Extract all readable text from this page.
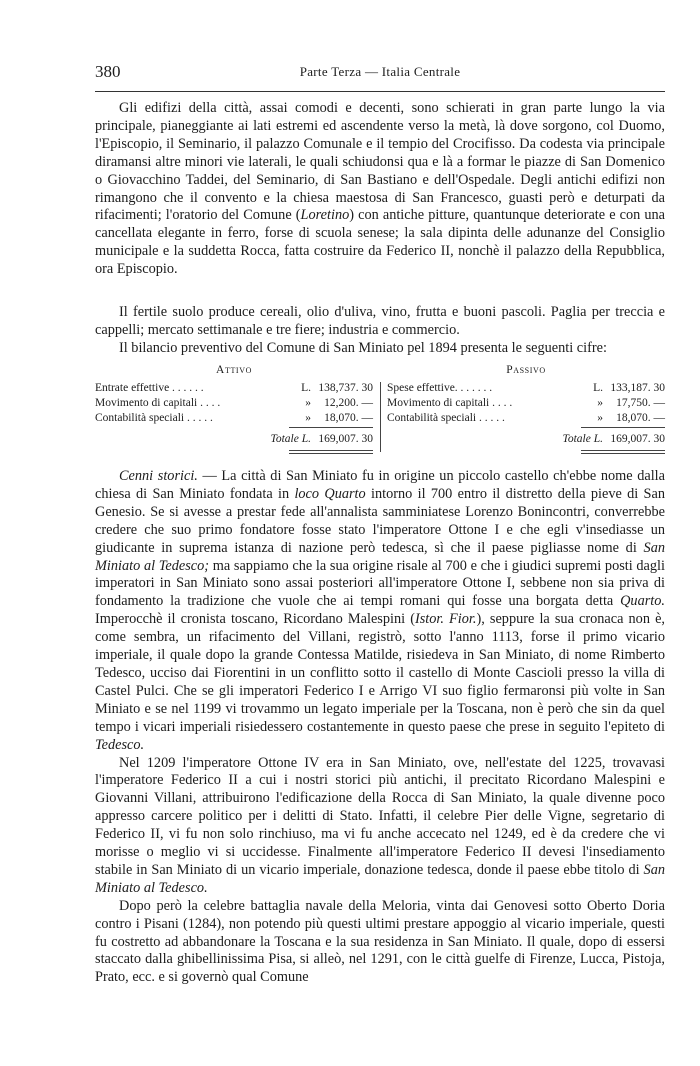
380	Parte Terza — Italia Centrale
Gli edifizi della città, assai comodi e decenti, sono schierati in gran parte lungo la via principale, pianeggiante ai lati estremi ed ascendente verso la metà, là dove sorgono, col Duomo, l'Episcopio, il Seminario, il palazzo Comunale e il tempio del Crocifisso. Da codesta via principale diramansi altre minori vie laterali, le quali schiudonsi qua e là a formar le piazze di San Domenico o Giovacchino Taddei, del Seminario, di San Bastiano e dell'Ospedale. Degli antichi edifizi non rimangono che il convento e la chiesa maestosa di San Francesco, guasti però e deturpati da rifacimenti; l'oratorio del Comune (Loretino) con antiche pitture, quantunque deteriorate e con una cancellata elegante in ferro, forse di scuola senese; la sala dipinta delle adunanze del Consiglio municipale e la suddetta Rocca, fatta costruire da Federico II, nonchè il palazzo della Repubblica, ora Episcopio.
Il fertile suolo produce cereali, olio d'uliva, vino, frutta e buoni pascoli. Paglia per treccia e cappelli; mercato settimanale e tre fiere; industria e commercio.
Il bilancio preventivo del Comune di San Miniato pel 1894 presenta le seguenti cifre:
Attivo
Entrate effettive . . . . . .	L. 138,737. 30
Movimento di capitali . . . .	» 12,200. —
Contabilità speciali . . . . .	» 18,070. —
Totale L. 169,007. 30
Passivo
Spese effettive. . . . . . .	L. 133,187. 30
Movimento di capitali . . . .	» 17,750. —
Contabilità speciali . . . . .	» 18,070. —
Totale L. 169,007. 30

Cenni storici. — La città di San Miniato fu in origine un piccolo castello ch'ebbe nome dalla chiesa di San Miniato fondata in loco Quarto intorno il 700 entro il distretto della pieve di San Genesio. Se si avesse a prestar fede all'annalista samminiatese Lorenzo Bonincontri, converrebbe credere che suo primo fondatore fosse stato l'imperatore Ottone I e che egli v'insediasse un giudicante in suprema istanza di nazione però tedesca, sì che il paese pigliasse nome di San Miniato al Tedesco; ma sappiamo che la sua origine risale al 700 e che i giudici supremi posti dagli imperatori in San Miniato sono assai posteriori all'imperatore Ottone I, sebbene non sia priva di fondamento la tradizione che vuole che ai tempi romani qui fosse una borgata detta Quarto. Imperocchè il cronista toscano, Ricordano Malespini (Istor. Fior.), seppure la sua cronaca non è, come sembra, un rifacimento del Villani, registrò, sotto l'anno 1113, forse il primo vicario imperiale, il quale dopo la grande Contessa Matilde, risiedeva in San Miniato, di nome Rimberto Tedesco, ucciso dai Fiorentini in un conflitto sotto il castello di Monte Cascioli presso la villa di Castel Pulci. Che se gli imperatori Federico I e Arrigo VI suo figlio fermaronsi più volte in San Miniato e se nel 1199 vi trovammo un legato imperiale per la Toscana, non è però che sin da quel tempo i vicari imperiali risiedessero costantemente in questo paese che prese in seguito l'epiteto di Tedesco.

Nel 1209 l'imperatore Ottone IV era in San Miniato, ove, nell'estate del 1225, trovavasi l'imperatore Federico II a cui i nostri storici più antichi, il precitato Ricordano Malespini e Giovanni Villani, attribuirono l'edificazione della Rocca di San Miniato, la quale divenne poco appresso carcere politico per i delitti di Stato. Infatti, il celebre Pier delle Vigne, segretario di Federico II, vi fu non solo rinchiuso, ma vi fu anche accecato nel 1249, ed è da credere che vi morisse o meglio vi si uccidesse. Finalmente all'imperatore Federico II devesi l'insediamento stabile in San Miniato di un vicario imperiale, donazione tedesca, donde il paese ebbe titolo di San Miniato al Tedesco.

Dopo però la celebre battaglia navale della Meloria, vinta dai Genovesi sotto Oberto Doria contro i Pisani (1284), non potendo più questi ultimi prestare appoggio al vicario imperiale, questi fu costretto ad abbandonare la Toscana e la sua residenza in San Miniato. Il quale, dopo di essersi staccato dalla ghibellinissima Pisa, si alleò, nel 1291, con le città guelfe di Firenze, Lucca, Pistoja, Prato, ecc. e si governò qual Comune
